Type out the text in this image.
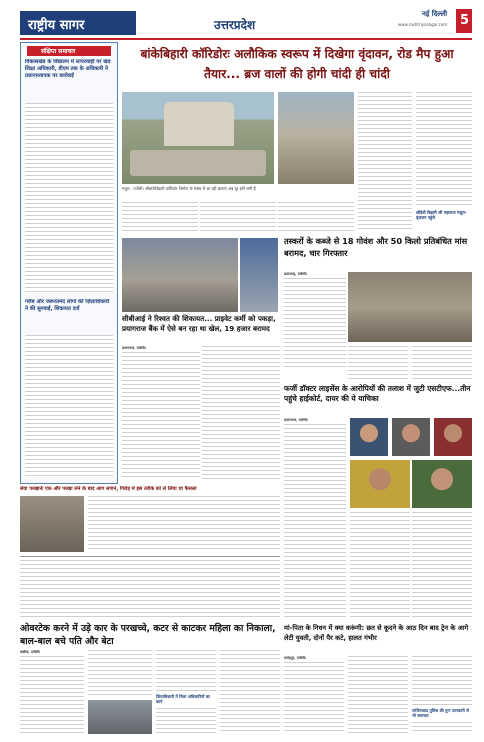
राष्ट्रीय सागर	उत्तरप्रदेश
नई दिल्ली
www.rashtriyasagar.com 5
संक्षिप्त समाचार
विकासखंड के विद्यालय में लापरवाही पर खंड शिक्षा अधिकारी, डीएम तक के अधिकारी ने प्रधानाध्यापक पर कार्रवाई
गरीब और जरूरतमंद लोगों की ज़िलाधिकारी ने की सुनवाई, शिकायत दर्ज
बांकेबिहारी कॉरिडोरः अलौकिक स्वरूप में दिखेगा वृंदावन, रोड मैप हुआ तैयार... ब्रज वालों की होगी चांदी ही चांदी
श्रीदेवी बिहारी जी महाराज मथुरा-वृंदावन पहुंचे
मथुरा , एजेंसी। श्रीबांकेबिहारी कॉरिडोर निर्माण के संबंध में आ रही बाधाएं अब दूर होने लगी हैं
सीबीआई ने रिश्वत की शिकायत... प्राइवेट कर्मी को पकड़ा, प्रयागराज बैंक में ऐसे बन रहा था खेल, 19 हजार बरामद
प्रयागराज, एजेंसी।
तस्करों के कब्जे से 18 गोवंश और 50 किलो प्रतिबंधित मांस बरामद, चार गिरफ्तार
प्रतापगढ़, एजेंसी।
फर्जी डॉक्टर लाइसेंस के आरोपियों की तलाश में जुटी एसटीएफ...तीन पहुंचे हाईकोर्ट, दायर की ये याचिका
प्रयागराज, एजेंसी।
सेवा परखानेः एक और परखा लेने के बाद आग लगाने, गिरोह में इस तरीके को ले लिया था फैसला
ओवरटेक करने में उड़े कार के परखच्चे, कटर से काटकर महिला का निकाला, बाल-बाल बचे पति और बेटा
कन्नौज, एजेंसी।
ज़िलाधिकारी में मिला अधिकारियों का कार्य
मां-पिता के निधन में क्या करूंगी: छत से कूदने के आठ दिन बाद ट्रेन के आगे लेटी युवती, दोनों पैर कटे, हालत गंभीर
फतेहपुर, एजेंसी।
गाजियाबाद पुलिस की पुनः जानकारी से भी समाचार
